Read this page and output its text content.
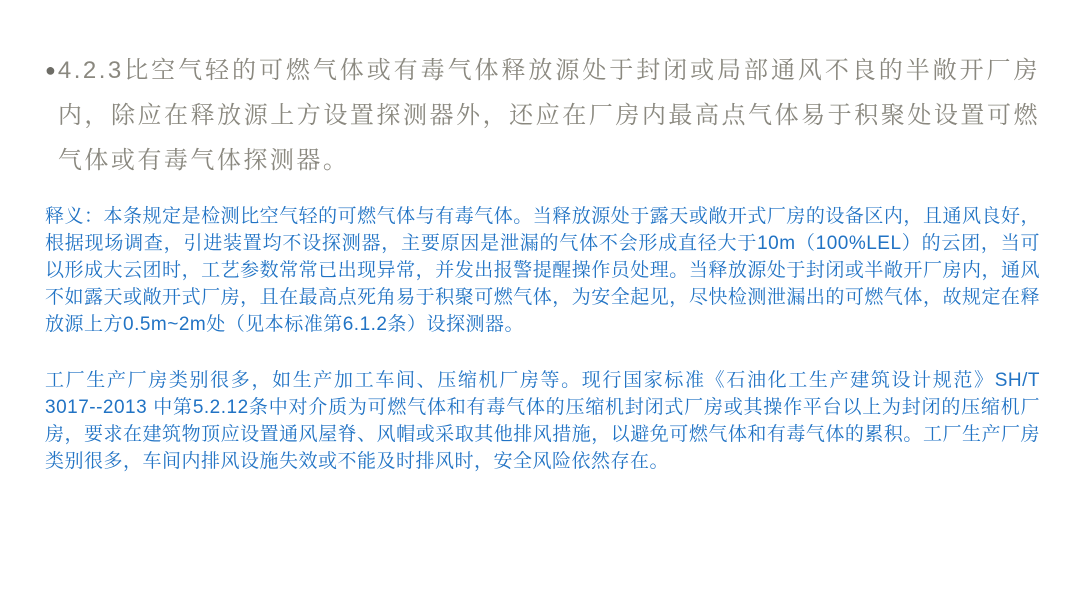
● 4.2.3比空气轻的可燃气体或有毒气体释放源处于封闭或局部通风不良的半敞开厂房内，除应在释放源上方设置探测器外，还应在厂房内最高点气体易于积聚处设置可燃气体或有毒气体探测器。
释义：本条规定是检测比空气轻的可燃气体与有毒气体。当释放源处于露天或敞开式厂房的设备区内，且通风良好，根据现场调查，引进装置均不设探测器，主要原因是泄漏的气体不会形成直径大于10m（100%LEL）的云团，当可以形成大云团时，工艺参数常常已出现异常，并发出报警提醒操作员处理。当释放源处于封闭或半敞开厂房内，通风不如露天或敞开式厂房，且在最高点死角易于积聚可燃气体，为安全起见，尽快检测泄漏出的可燃气体，故规定在释放源上方0.5m~2m处（见本标准第6.1.2条）设探测器。
工厂生产厂房类别很多，如生产加工车间、压缩机厂房等。现行国家标准《石油化工生产建筑设计规范》SH/T 3017--2013 中第5.2.12条中对介质为可燃气体和有毒气体的压缩机封闭式厂房或其操作平台以上为封闭的压缩机厂房，要求在建筑物顶应设置通风屋脊、风帽或采取其他排风措施，以避免可燃气体和有毒气体的累积。工厂生产厂房类别很多，车间内排风设施失效或不能及时排风时，安全风险依然存在。
